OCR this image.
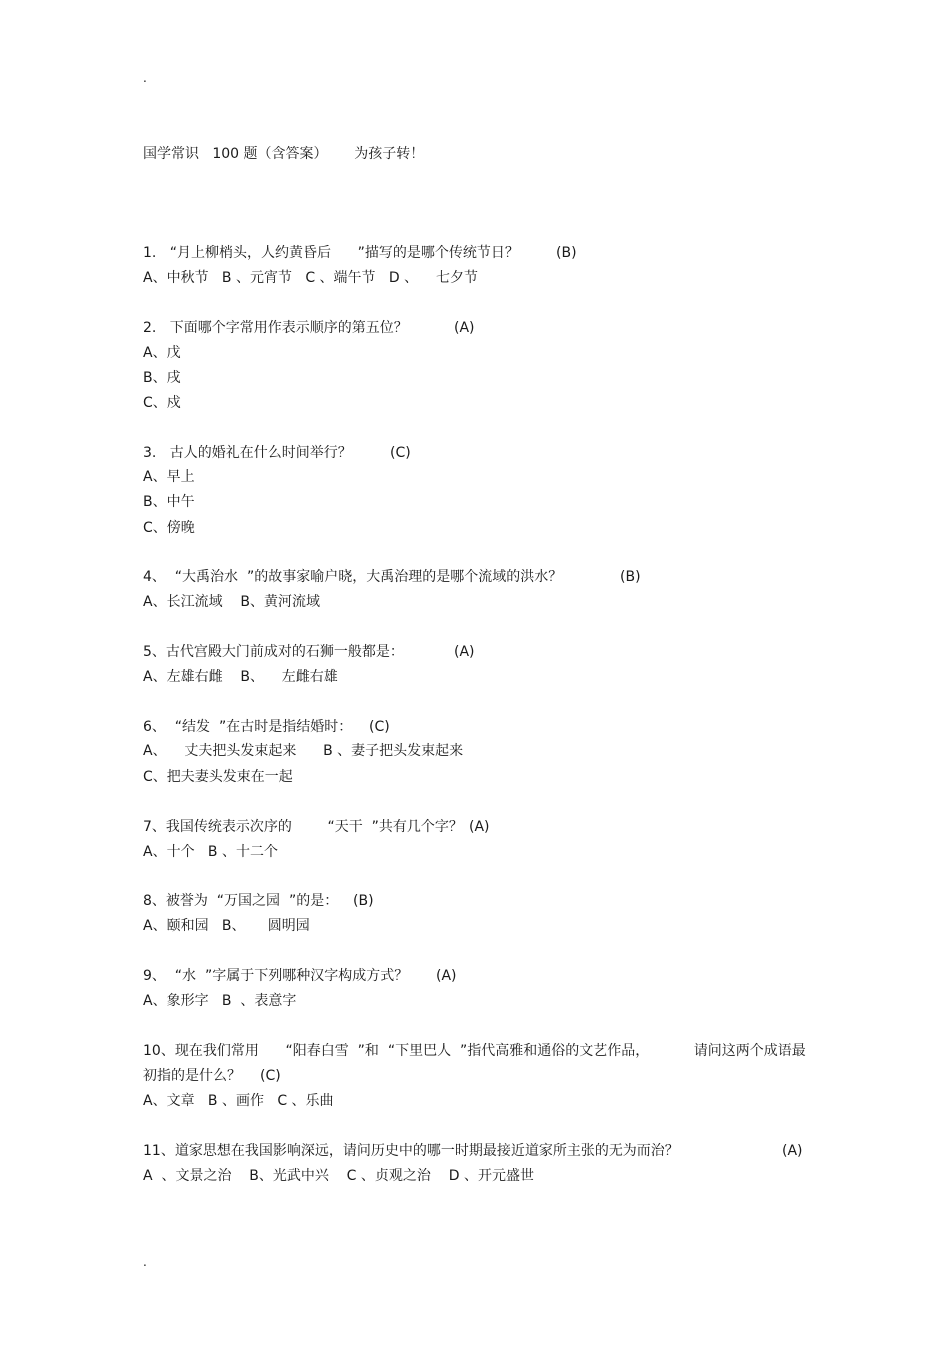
.
国学常识   100 题（含答案）      为孩子转！
1.   “月上柳梢头，人约黄昏后      ”描写的是哪个传统节日？	(B)
A、中秋节   B 、元宵节   C 、端午节   D 、    七夕节
2.   下面哪个字常用作表示顺序的第五位？	(A)
A、戊
B、戌
C、戍
3.   古人的婚礼在什么时间举行？	(C)
A、早上
B、中午
C、傍晚
4、  “大禹治水  ”的故事家喻户晓，大禹治理的是哪个流域的洪水？	(B)
A、长江流域    B、黄河流域
5、古代宫殿大门前成对的石狮一般都是：	(A)
A、左雄右雌    B、    左雌右雄
6、  “结发  ”在古时是指结婚时： (C)
A、    丈夫把头发束起来      B 、妻子把头发束起来
C、把夫妻头发束在一起
7、我国传统表示次序的        “天干  ”共有几个字？ (A)
A、十个   B 、十二个
8、被誉为  “万国之园  ”的是： (B)
A、颐和园   B、     圆明园
9、  “水  ”字属于下列哪种汉字构成方式？ (A)
A、象形字   B  、表意字
10、现在我们常用      “阳春白雪  ”和  “下里巴人  ”指代高雅和通俗的文艺作品，          请问这两个成语最
初指的是什么？ (C)
A、文章   B 、画作   C 、乐曲
11、道家思想在我国影响深远，请问历史中的哪一时期最接近道家所主张的无为而治？	(A)
A  、文景之治    B、光武中兴    C 、贞观之治    D 、开元盛世
.
